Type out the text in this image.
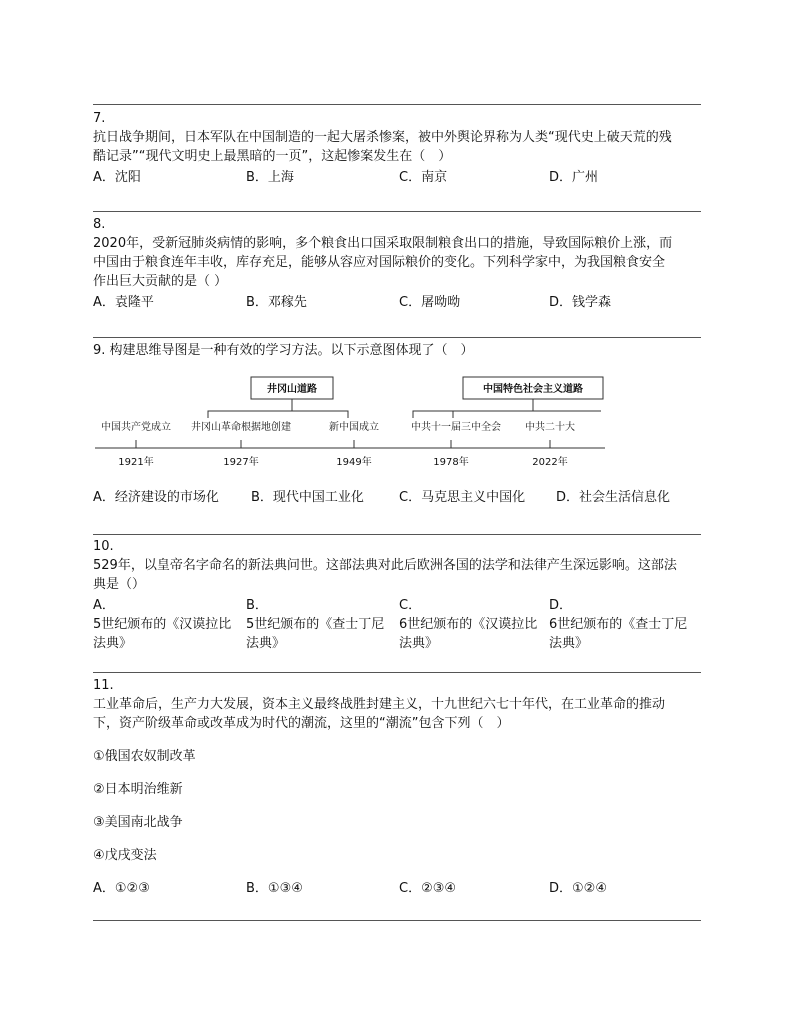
7.
抗日战争期间，日本军队在中国制造的一起大屠杀惨案，被中外舆论界称为人类“现代史上破天荒的残
酷记录”“现代文明史上最黑暗的一页”，这起惨案发生在（　）
A．沈阳	B．上海	C．南京	D．广州
8.
2020年，受新冠肺炎病情的影响，多个粮食出口国采取限制粮食出口的措施，导致国际粮价上涨，而
中国由于粮食连年丰收，库存充足，能够从容应对国际粮价的变化。下列科学家中，为我国粮食安全
作出巨大贡献的是（ ）
A．袁隆平	B．邓稼先	C．屠呦呦	D．钱学森
9. 构建思维导图是一种有效的学习方法。以下示意图体现了（　）
井冈山道路	中国特色社会主义道路
中国共产党成立 井冈山革命根据地创建	新中国成立	中共十一届三中全会 中共二十大
1921年	1927年	1949年	1978年	2022年
A．经济建设的市场化 B．现代中国工业化	C．马克思主义中国化 D．社会生活信息化
10.
529年，以皇帝名字命名的新法典问世。这部法典对此后欧洲各国的法学和法律产生深远影响。这部法
典是（）
A．
5世纪颁布的《汉谟拉比
法典》
B．
5世纪颁布的《查士丁尼
法典》
C．
6世纪颁布的《汉谟拉比
法典》
D．
6世纪颁布的《查士丁尼
法典》
11.
工业革命后，生产力大发展，资本主义最终战胜封建主义，十九世纪六七十年代，在工业革命的推动
下，资产阶级革命或改革成为时代的潮流，这里的“潮流”包含下列（　）
①俄国农奴制改革
②日本明治维新
③美国南北战争
④戊戌变法
A．①②③	B．①③④	C．②③④	D．①②④
